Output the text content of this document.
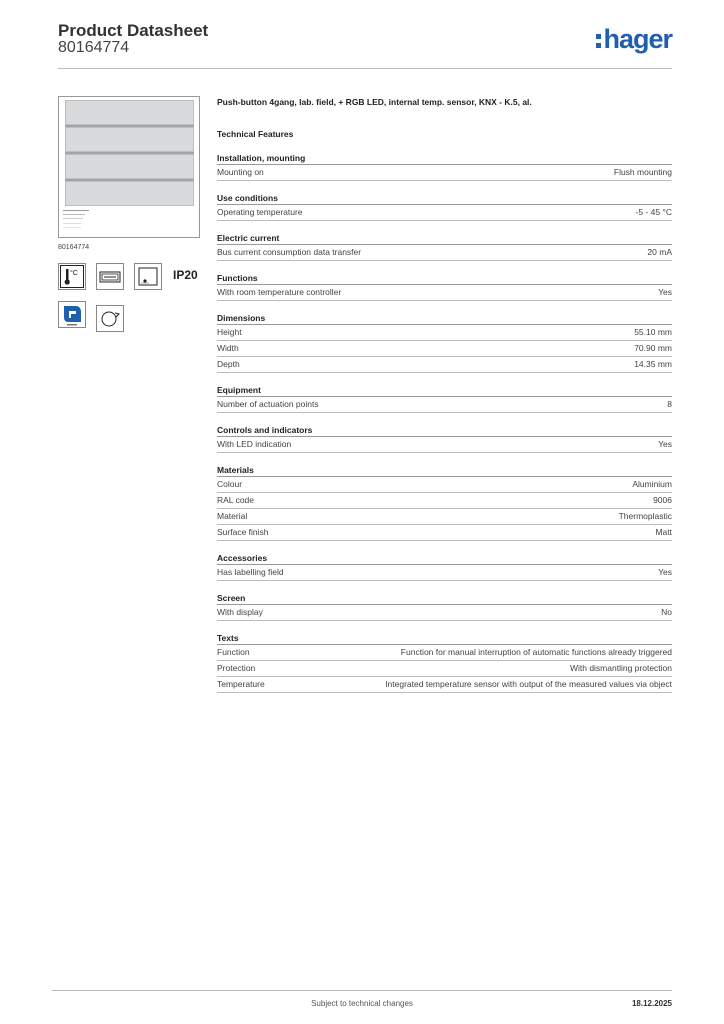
Product Datasheet
80164774	hager
80164774
°C	IP20
Push-button 4gang, lab. field, + RGB LED, internal temp. sensor, KNX - K.5, al.
Technical Features
Installation, mounting
Mounting on	Flush mounting
Use conditions
Operating temperature	-5 - 45 °C
Electric current
Bus current consumption data transfer	20 mA
Functions
With room temperature controller	Yes
Dimensions
Height	55.10 mm
Width	70.90 mm
Depth	14.35 mm
Equipment
Number of actuation points	8
Controls and indicators
With LED indication	Yes
Materials
Colour	Aluminium
RAL code	9006
Material	Thermoplastic
Surface finish	Matt
Accessories
Has labelling field	Yes
Screen
With display	No
Texts
Function	Function for manual interruption of automatic functions already triggered
Protection	With dismantling protection
Temperature	Integrated temperature sensor with output of the measured values via object
Subject to technical changes	18.12.2025
